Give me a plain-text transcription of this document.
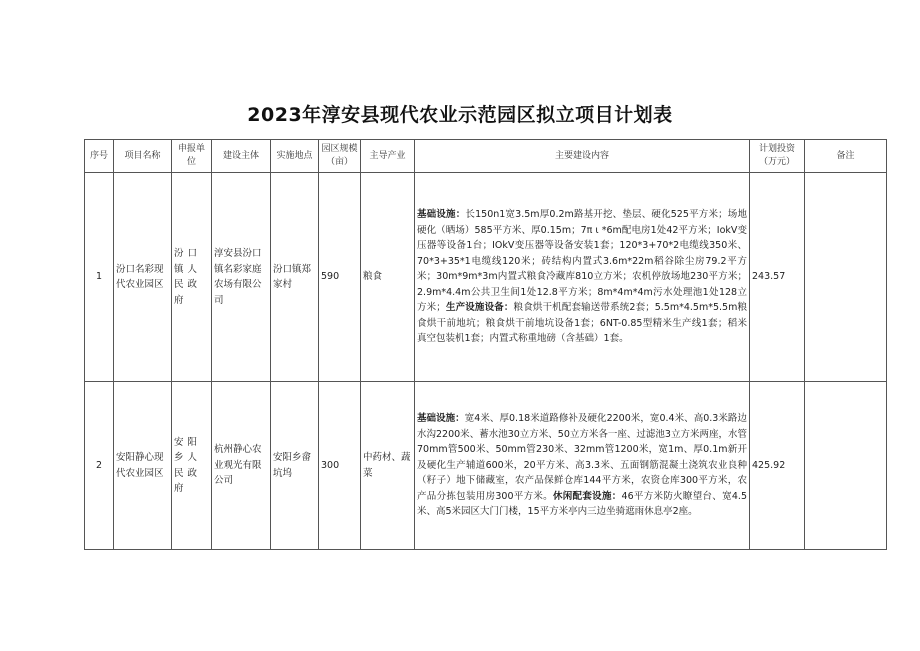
2023年淳安县现代农业示范园区拟立项目计划表
序号	项目名称	申报单位	建设主体	实施地点	园区规模（亩）	主导产业	主要建设内容	计划投资（万元）	备注
1	汾口名彩现代农业园区	汾口镇人民政府	淳安县汾口镇名彩家庭农场有限公司	汾口镇郑家村	590	粮食	基础设施：长150n1宽3.5m厚0.2m路基开挖、垫层、硬化525平方米；场地硬化（晒场）585平方米、厚0.15m；7π ι *6m配电房1处42平方米；IokV变压器等设备1台；IOkV变压器等设备安装1套；120*3+70*2电缆线350米、70*3+35*1电缆线120米；砖结构内置式3.6m*22m稻谷除尘房79.2平方米；30m*9m*3m内置式粮食冷藏库810立方米；农机停放场地230平方米；2.9m*4.4m公共卫生间1处12.8平方米；8m*4m*4m污水处理池1处128立方米；生产设施设备：粮食烘干机配套输送带系统2套；5.5m*4.5m*5.5m粮食烘干前地坑；粮食烘干前地坑设备1套；6NT-0.85型精米生产线1套；稻米真空包装机1套；内置式称重地磅（含基础）1套。	243.57	
2	安阳静心现代农业园区	安阳乡人民政府	杭州静心农业观光有限公司	安阳乡畲坑坞	300	中药材、蔬菜	基础设施：宽4米、厚0.18米道路修补及硬化2200米，宽0.4米、高0.3米路边水沟2200米、蓄水池30立方米、50立方米各一座、过滤池3立方米两座，水管70mm管500米、50mm管230米、32mm管1200米，宽1m、厚0.1m新开及硬化生产辅道600米，20平方米、高3.3米、五面钢筋混凝土浇筑农业良种（籽子）地下储藏室，农产品保鲜仓库144平方米，农资仓库300平方米，农产品分拣包装用房300平方米。休闲配套设施：46平方米防火瞭望台、宽4.5米、高5米园区大门门楼，15平方米亭内三边坐骑遮雨休息亭2座。	425.92	
